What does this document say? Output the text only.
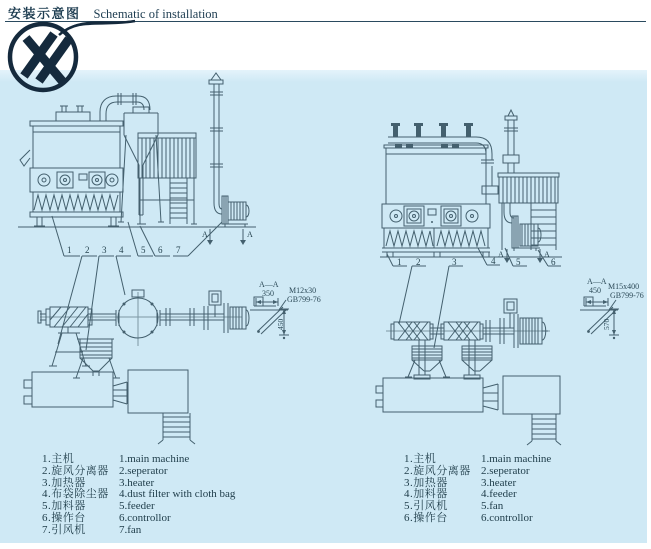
安装示意图 Schematic of installation
1 2 3 4 5 6 7
A	A
1 2	3	4 5	6
A	A
A—A
350 M12x30
GB799-76
450
A—A
450 M15x400
GB799-76
570
1.主机	1.main machine
2.旋风分离器 2.seperator
3.加热器	3.heater
4.布袋除尘器 4.dust filter with cloth bag
5.加料器	5.feeder
6.操作台	6.controllor
7.引风机	7.fan
1.主机	1.main machine
2.旋风分离器 2.seperator
3.加热器	3.heater
4.加料器	4.feeder
5.引风机	5.fan
6.操作台	6.controllor
